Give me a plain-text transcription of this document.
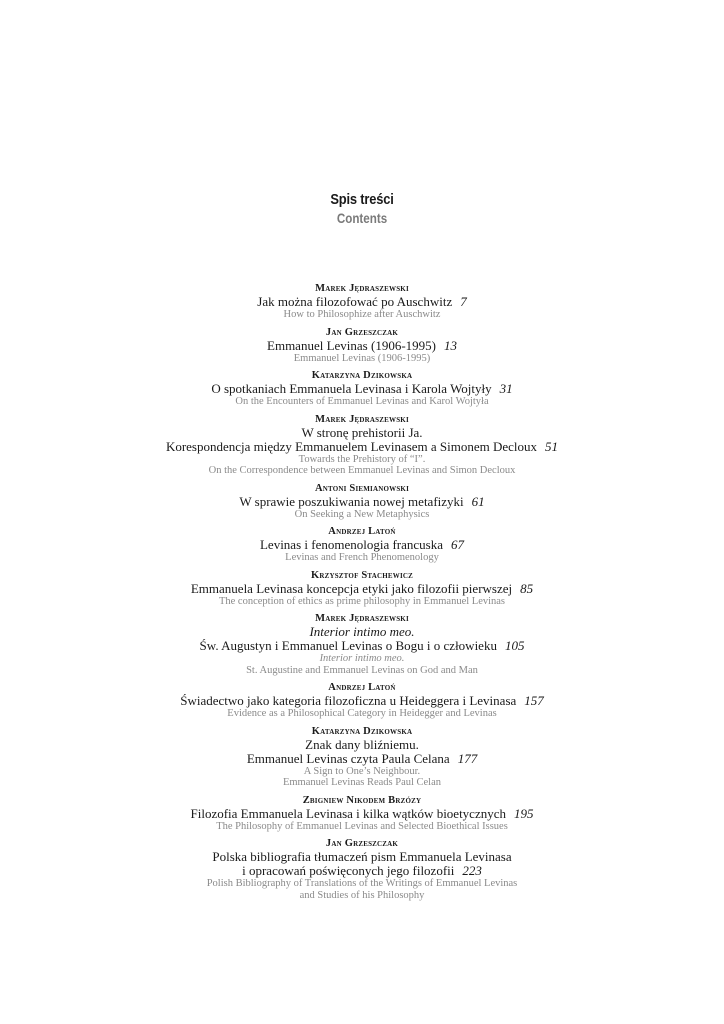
Spis treści
Contents
Marek Jędraszewski
Jak można filozofować po Auschwitz 7
How to Philosophize after Auschwitz
Jan Grzeszczak
Emmanuel Levinas (1906-1995) 13
Emmanuel Levinas (1906-1995)
Katarzyna Dzikowska
O spotkaniach Emmanuela Levinasa i Karola Wojtyły 31
On the Encounters of Emmanuel Levinas and Karol Wojtyła
Marek Jędraszewski
W stronę prehistorii Ja.
Korespondencja między Emmanuelem Levinasem a Simonem Decloux 51
Towards the Prehistory of “I”.
On the Correspondence between Emmanuel Levinas and Simon Decloux
Antoni Siemianowski
W sprawie poszukiwania nowej metafizyki 61
On Seeking a New Metaphysics
Andrzej Latoń
Levinas i fenomenologia francuska 67
Levinas and French Phenomenology
Krzysztof Stachewicz
Emmanuela Levinasa koncepcja etyki jako filozofii pierwszej 85
The conception of ethics as prime philosophy in Emmanuel Levinas
Marek Jędraszewski
Interior intimo meo.
Św. Augustyn i Emmanuel Levinas o Bogu i o człowieku 105
Interior intimo meo.
St. Augustine and Emmanuel Levinas on God and Man
Andrzej Latoń
Świadectwo jako kategoria filozoficzna u Heideggera i Levinasa 157
Evidence as a Philosophical Category in Heidegger and Levinas
Katarzyna Dzikowska
Znak dany bliźniemu.
Emmanuel Levinas czyta Paula Celana 177
A Sign to One’s Neighbour.
Emmanuel Levinas Reads Paul Celan
Zbigniew Nikodem Brzózy
Filozofia Emmanuela Levinasa i kilka wątków bioetycznych 195
The Philosophy of Emmanuel Levinas and Selected Bioethical Issues
Jan Grzeszczak
Polska bibliografia tłumaczeń pism Emmanuela Levinasa
i opracowań poświęconych jego filozofii 223
Polish Bibliography of Translations of the Writings of Emmanuel Levinas
and Studies of his Philosophy
